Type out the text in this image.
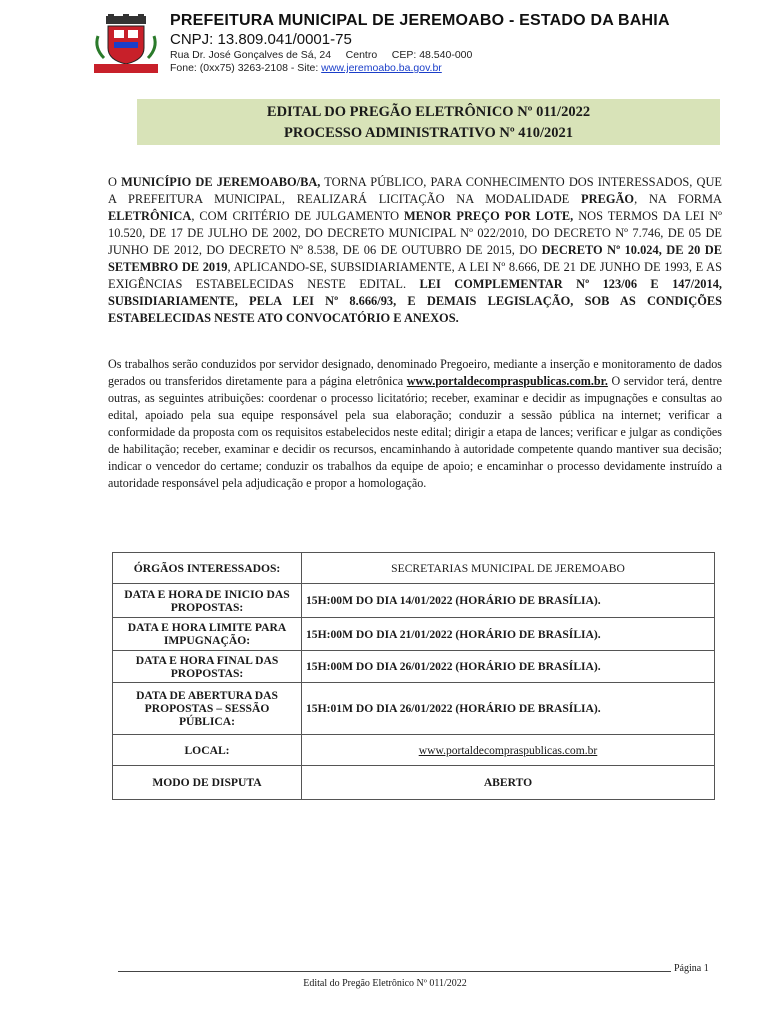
PREFEITURA MUNICIPAL DE JEREMOABO - ESTADO DA BAHIA
CNPJ: 13.809.041/0001-75
Rua Dr. José Gonçalves de Sá, 24     Centro     CEP: 48.540-000
Fone: (0xx75) 3263-2108 - Site: www.jeremoabo.ba.gov.br
EDITAL DO PREGÃO ELETRÔNICO Nº 011/2022
PROCESSO ADMINISTRATIVO Nº 410/2021
O MUNICÍPIO DE JEREMOABO/BA, TORNA PÚBLICO, PARA CONHECIMENTO DOS INTERESSADOS, QUE A PREFEITURA MUNICIPAL, REALIZARÁ LICITAÇÃO NA MODALIDADE PREGÃO, NA FORMA ELETRÔNICA, COM CRITÉRIO DE JULGAMENTO MENOR PREÇO POR LOTE, NOS TERMOS DA LEI Nº 10.520, DE 17 DE JULHO DE 2002, DO DECRETO MUNICIPAL Nº 022/2010, DO DECRETO Nº 7.746, DE 05 DE JUNHO DE 2012, DO DECRETO Nº 8.538, DE 06 DE OUTUBRO DE 2015, DO DECRETO Nº 10.024, DE 20 DE SETEMBRO DE 2019, APLICANDO-SE, SUBSIDIARIAMENTE, A LEI Nº 8.666, DE 21 DE JUNHO DE 1993, E AS EXIGÊNCIAS ESTABELECIDAS NESTE EDITAL. LEI COMPLEMENTAR Nº 123/06 E 147/2014, SUBSIDIARIAMENTE, PELA LEI Nº 8.666/93, E DEMAIS LEGISLAÇÃO, SOB AS CONDIÇÕES ESTABELECIDAS NESTE ATO CONVOCATÓRIO E ANEXOS.
Os trabalhos serão conduzidos por servidor designado, denominado Pregoeiro, mediante a inserção e monitoramento de dados gerados ou transferidos diretamente para a página eletrônica www.portaldecompraspublicas.com.br. O servidor terá, dentre outras, as seguintes atribuições: coordenar o processo licitatório; receber, examinar e decidir as impugnações e consultas ao edital, apoiado pela sua equipe responsável pela sua elaboração; conduzir a sessão pública na internet; verificar a conformidade da proposta com os requisitos estabelecidos neste edital; dirigir a etapa de lances; verificar e julgar as condições de habilitação; receber, examinar e decidir os recursos, encaminhando à autoridade competente quando mantiver sua decisão; indicar o vencedor do certame; conduzir os trabalhos da equipe de apoio; e encaminhar o processo devidamente instruído a autoridade responsável pela adjudicação e propor a homologação.
ÓRGÃOS INTERESSADOS:	SECRETARIAS MUNICIPAL DE JEREMOABO
DATA E HORA DE INICIO DAS PROPOSTAS:	15H:00M DO DIA 14/01/2022 (HORÁRIO DE BRASÍLIA).
DATA E HORA LIMITE PARA IMPUGNAÇÃO:	15H:00M DO DIA 21/01/2022 (HORÁRIO DE BRASÍLIA).
DATA E HORA FINAL DAS PROPOSTAS:	15H:00M DO DIA 26/01/2022 (HORÁRIO DE BRASÍLIA).
DATA DE ABERTURA DAS PROPOSTAS – SESSÃO PÚBLICA:	15H:01M DO DIA 26/01/2022 (HORÁRIO DE BRASÍLIA).
LOCAL:	www.portaldecompraspublicas.com.br
MODO DE DISPUTA	ABERTO
Página 1
Edital do Pregão Eletrônico Nº 011/2022
